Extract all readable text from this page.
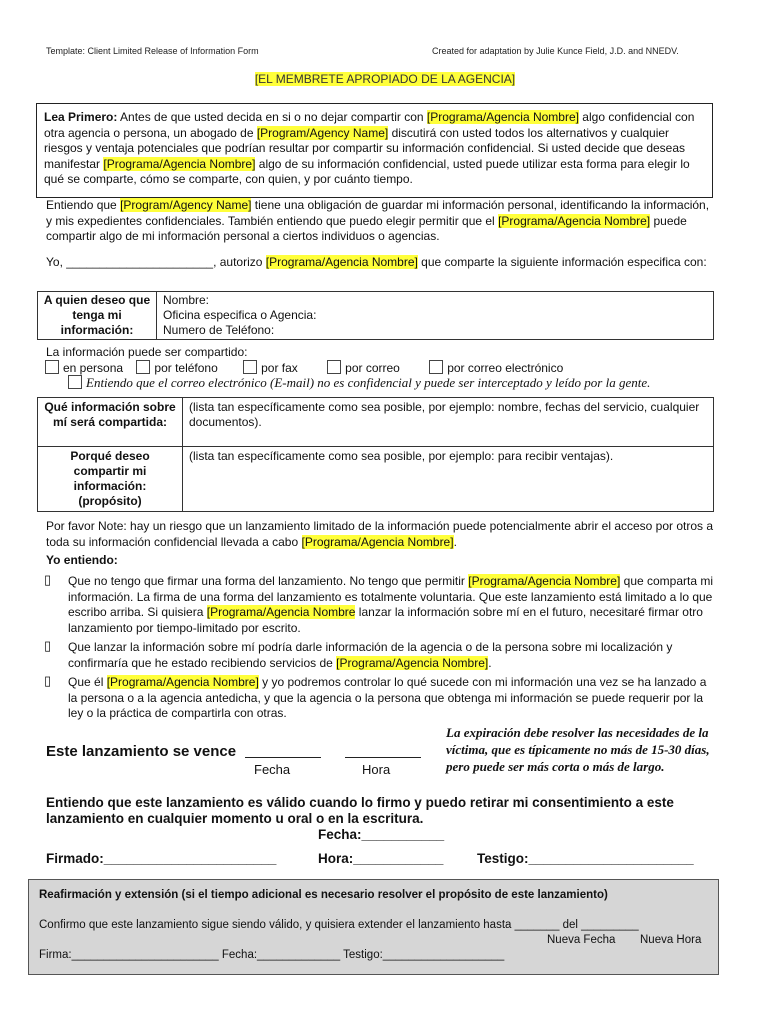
Template: Client Limited Release of Information Form	Created for adaptation by Julie Kunce Field, J.D. and NNEDV.
[EL MEMBRETE APROPIADO DE LA AGENCIA]
Lea Primero: Antes de que usted decida en si o no dejar compartir con [Programa/Agencia Nombre] algo confidencial con otra agencia o persona, un abogado de [Program/Agency Name] discutirá con usted todos los alternativos y cualquier riesgos y ventaja potenciales que podrían resultar por compartir su información confidencial. Si usted decide que deseas manifestar [Programa/Agencia Nombre] algo de su información confidencial, usted puede utilizar esta forma para elegir lo qué se comparte, cómo se comparte, con quien, y por cuánto tiempo.
Entiendo que [Program/Agency Name] tiene una obligación de guardar mi información personal, identificando la información, y mis expedientes confidenciales. También entiendo que puedo elegir permitir que el [Programa/Agencia Nombre] puede compartir algo de mi información personal a ciertos individuos o agencias.
Yo, ______________________, autorizo [Programa/Agencia Nombre] que comparte la siguiente información especifica con:
A quien deseo que tenga mi información:	
Nombre:
Oficina especifica o Agencia:
Numero de Teléfono:
La información puede ser compartido:
en persona	por teléfono	por fax	por correo	por correo electrónico
Entiendo que el correo electrónico (E-mail) no es confidencial y puede ser interceptado y leído por la gente.
Qué información sobre mí será compartida:	(lista tan específicamente como sea posible, por ejemplo: nombre, fechas del servicio, cualquier documentos).
Porqué deseo compartir mi información: (propósito)	(lista tan específicamente como sea posible, por ejemplo: para recibir ventajas).
Por favor Note: hay un riesgo que un lanzamiento limitado de la información puede potencialmente abrir el acceso por otros a toda su información confidencial llevada a cabo [Programa/Agencia Nombre].
Yo entiendo:
▯ Que no tengo que firmar una forma del lanzamiento. No tengo que permitir [Programa/Agencia Nombre] que comparta mi información. La firma de una forma del lanzamiento es totalmente voluntaria. Que este lanzamiento está limitado a lo que escribo arriba. Si quisiera [Programa/Agencia Nombre lanzar la información sobre mí en el futuro, necesitaré firmar otro lanzamiento por tiempo-limitado por escrito.
▯ Que lanzar la información sobre mí podría darle información de la agencia o de la persona sobre mi localización y confirmaría que he estado recibiendo servicios de [Programa/Agencia Nombre].
▯ Que él [Programa/Agencia Nombre] y yo podremos controlar lo qué sucede con mi información una vez se ha lanzado a la persona o a la agencia antedicha, y que la agencia o la persona que obtenga mi información se puede requerir por la ley o la práctica de compartirla con otras.
Este lanzamiento se vence
Fecha	Hora
La expiración debe resolver las necesidades de la víctima, que es típicamente no más de 15-30 días, pero puede ser más corta o más de largo.
Entiendo que este lanzamiento es válido cuando lo firmo y puedo retirar mi consentimiento a este lanzamiento en cualquier momento u oral o en la escritura.
Fecha:___________
Firmado:_______________________	Hora:____________ Testigo:______________________
Reafirmación y extensión (si el tiempo adicional es necesario resolver el propósito de este lanzamiento)
Confirmo que este lanzamiento sigue siendo válido, y quisiera extender el lanzamiento hasta _______ del _________
Nueva Fecha Nueva Hora
Firma:_______________________ Fecha:_____________ Testigo:___________________
